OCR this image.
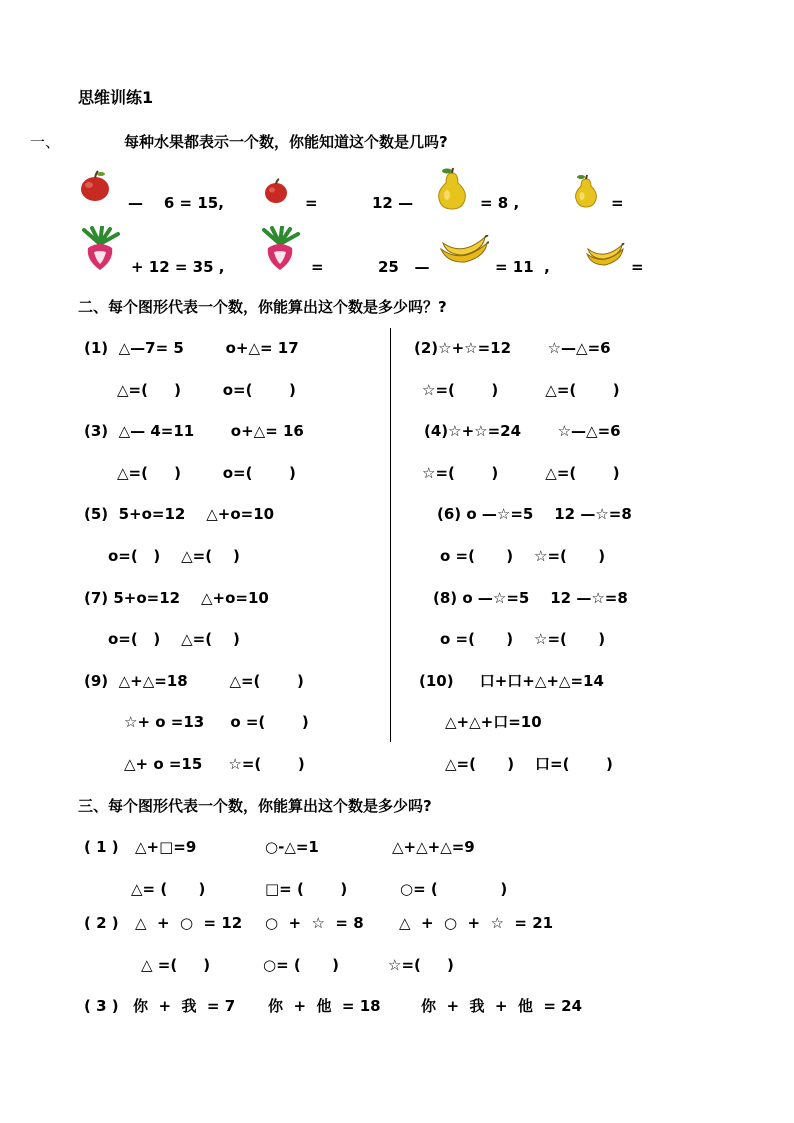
思维训练1
一、	每种水果都表示一个数，你能知道这个数是几吗?
—    6 = 15,	=	12 —	= 8 ,	=
+ 12 = 35 ,	=	25   —	= 11  ,	=
二、每个图形代表一个数，你能算出这个数是多少吗？?
(1)  △—7= 5        o+△= 17
△=(     )        o=(       )
(3)  △— 4=11       o+△= 16
△=(     )        o=(       )
(5)  5+o=12    △+o=10
o=(   )    △=(    )
(7) 5+o=12    △+o=10
o=(   )    △=(    )
(9)  △+△=18        △=(       )
☆+ o =13     o =(       )
△+ o =15     ☆=(       )
(2)☆+☆=12       ☆—△=6
☆=(       )         △=(       )
(4)☆+☆=24       ☆—△=6
☆=(       )         △=(       )
(6) o —☆=5    12 —☆=8
o =(      )    ☆=(      )
(8) o —☆=5    12 —☆=8
o =(      )    ☆=(      )
(10)     口+口+△+△=14
△+△+口=10
△=(      )    口=(       )
三、每个图形代表一个数，你能算出这个数是多少吗?
( 1 ) △+□=9	○-△=1	△+△+△=9
△= (      )	□= (       )	○= (            )
( 2 ) △  +  ○  = 12 ○  +  ☆  = 8 △  +  ○  +  ☆  = 21
△ =(     )	○= (      )	☆=(     )
( 3 ) 你  +  我  = 7 你  +  他  = 18	你  +  我  +  他  = 24
